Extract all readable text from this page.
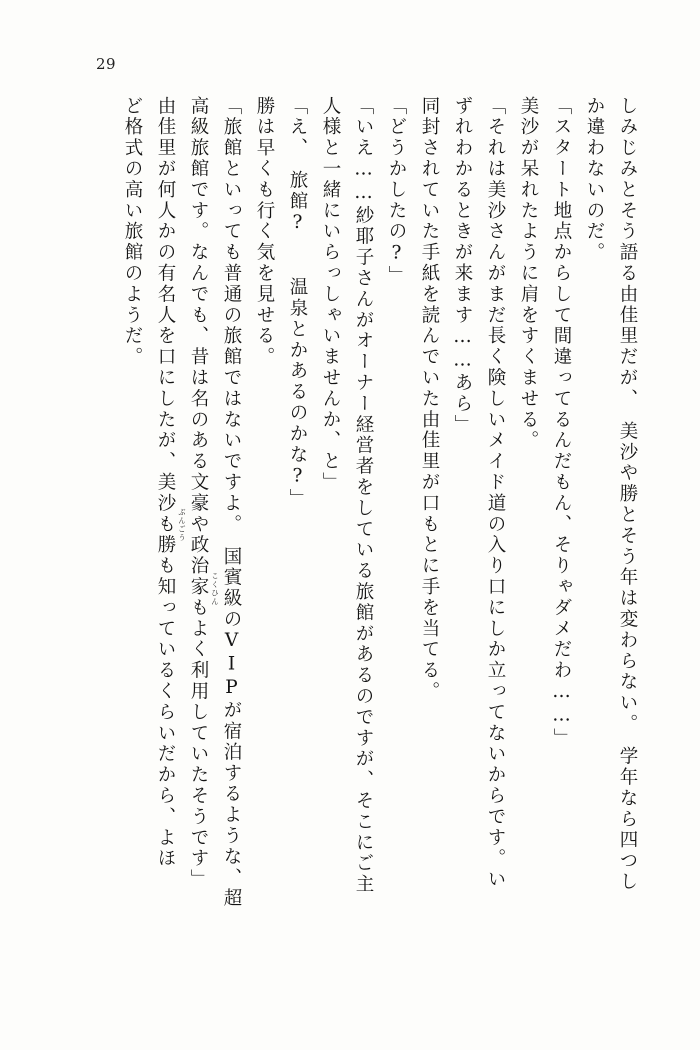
29
しみじみとそう語る由佳里だが、　美沙や勝とそう年は変わらない。　学年なら四つし
か違わないのだ。
「スタート地点からして間違ってるんだもん、そりゃダメだわ……」
美沙が呆れたように肩をすくませる。
「それは美沙さんがまだ長く険しいメイド道の入り口にしか立ってないからです。い
ずれわかるときが来ます……あら」
同封されていた手紙を読んでいた由佳里が口もとに手を当てる。
「どうかしたの?」
「いえ……紗耶子さんがオーナー経営者をしている旅館があるのですが、そこにご主
人様と一緒にいらっしゃいませんか、と」
「え、　旅館?　　温泉とかあるのかな?」
勝は早くも行く気を見せる。
「旅館といっても普通の旅館ではないですよ。　国賓級のVIPが宿泊するような、超
高級旅館です。なんでも、昔は名のある文豪や政治家もよく利用していたそうです」
由佳里が何人かの有名人を口にしたが、美沙も勝も知っているくらいだから、よほ
ど格式の高い旅館のようだ。
ぶんごう
こくひん
